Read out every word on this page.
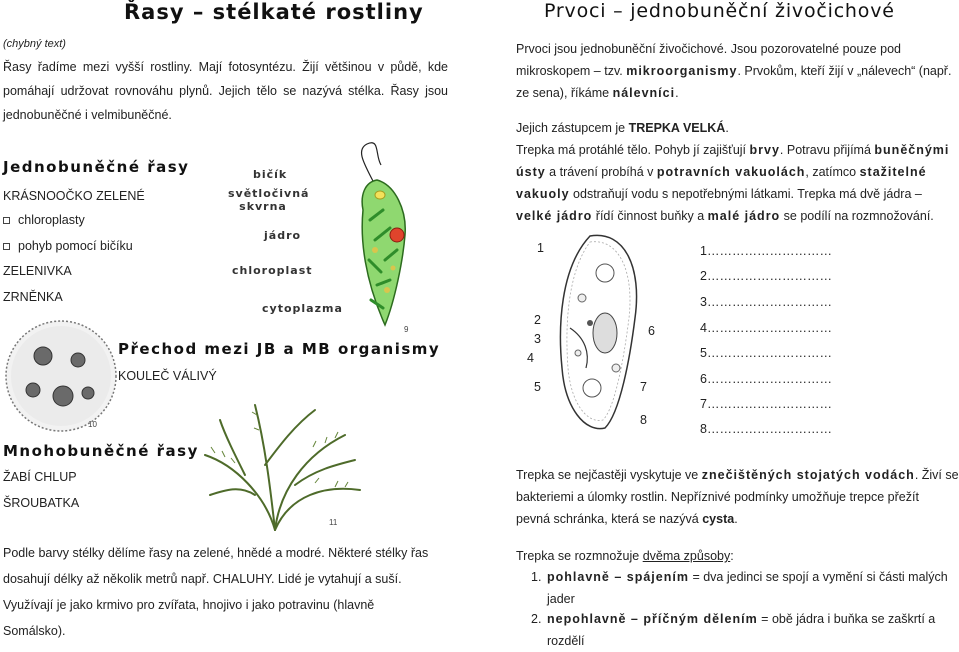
Řasy – stélkaté rostliny
(chybný text)
Řasy řadíme mezi vyšší rostliny. Mají fotosyntézu. Žijí většinou v půdě, kde pomáhají udržovat rovnováhu plynů. Jejich tělo se nazývá stélka. Řasy jsou jednobuněčné i velmibuněčné.
Jednobuněčné řasy
KRÁSNOOČKO ZELENÉ
chloroplasty
pohyb pomocí bičíku
ZELENIVKA
ZRNĚNKA
bičík
světločivná
skvrna
jádro
chloroplast
cytoplazma
9
10
Přechod mezi JB a MB organismy
KOULEČ VÁLIVÝ
Mnohobuněčné řasy
ŽABÍ CHLUP
ŠROUBATKA
11
Podle barvy stélky dělíme řasy na zelené, hnědé a modré. Některé stélky řas
dosahují délky až několik metrů např. CHALUHY. Lidé je vytahují a suší.
Využívají je jako krmivo pro zvířata, hnojivo i jako potravinu (hlavně
Somálsko).
Prvoci – jednobuněční živočichové
Prvoci jsou jednobuněční živočichové. Jsou pozorovatelné pouze pod
mikroskopem – tzv. mikroorganismy. Prvokům, kteří žijí v „nálevech“ (např.
ze sena), říkáme nálevníci.
Jejich zástupcem je TREPKA VELKÁ.
Trepka má protáhlé tělo. Pohyb jí zajišťují brvy. Potravu přijímá buněčnými
ústy a trávení probíhá v potravních vakuolách, zatímco stažitelné
vakuoly odstraňují vodu s nepotřebnými látkami. Trepka má dvě jádra –
velké jádro řídí činnost buňky a malé jádro se podílí na rozmnožování.
1
2
3
4
5
6
7
8
1…………………………
2…………………………
3…………………………
4…………………………
5…………………………
6…………………………
7…………………………
8…………………………
Trepka se nejčastěji vyskytuje ve znečištěných stojatých vodách. Živí se
bakteriemi a úlomky rostlin. Nepříznivé podmínky umožňuje trepce přežít
pevná schránka, která se nazývá cysta.
Trepka se rozmnožuje dvěma způsoby:
1. pohlavně – spájením = dva jedinci se spojí a vymění si části malých
jader
2. nepohlavně – příčným dělením = obě jádra i buňka se zaškrtí a
rozdělí
